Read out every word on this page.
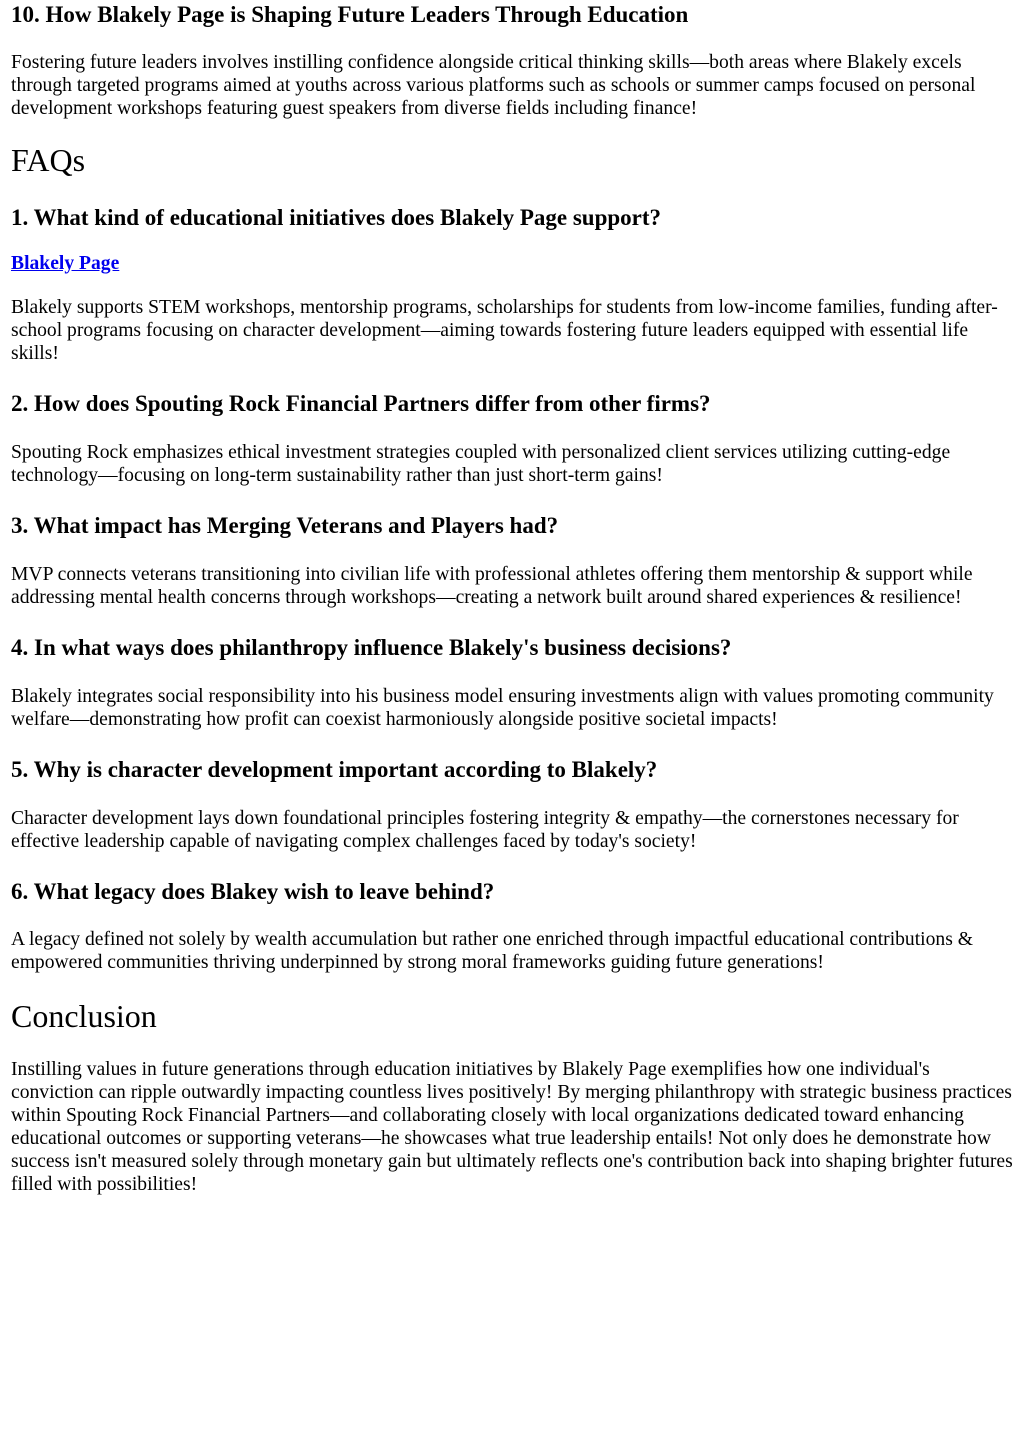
10. How Blakely Page is Shaping Future Leaders Through Education

Fostering future leaders involves instilling confidence alongside critical thinking skills—both areas where Blakely excels through targeted programs aimed at youths across various platforms such as schools or summer camps focused on personal development workshops featuring guest speakers from diverse fields including finance!

FAQs
1. What kind of educational initiatives does Blakely Page support?
Blakely Page

Blakely supports STEM workshops, mentorship programs, scholarships for students from low-income families, funding after-school programs focusing on character development—aiming towards fostering future leaders equipped with essential life skills!

2. How does Spouting Rock Financial Partners differ from other firms?

Spouting Rock emphasizes ethical investment strategies coupled with personalized client services utilizing cutting-edge technology—focusing on long-term sustainability rather than just short-term gains!

3. What impact has Merging Veterans and Players had?

MVP connects veterans transitioning into civilian life with professional athletes offering them mentorship & support while addressing mental health concerns through workshops—creating a network built around shared experiences & resilience!

4. In what ways does philanthropy influence Blakely's business decisions?

Blakely integrates social responsibility into his business model ensuring investments align with values promoting community welfare—demonstrating how profit can coexist harmoniously alongside positive societal impacts!

5. Why is character development important according to Blakely?

Character development lays down foundational principles fostering integrity & empathy—the cornerstones necessary for effective leadership capable of navigating complex challenges faced by today's society!

6. What legacy does Blakey wish to leave behind?

A legacy defined not solely by wealth accumulation but rather one enriched through impactful educational contributions & empowered communities thriving underpinned by strong moral frameworks guiding future generations!

Conclusion

Instilling values in future generations through education initiatives by Blakely Page exemplifies how one individual's conviction can ripple outwardly impacting countless lives positively! By merging philanthropy with strategic business practices within Spouting Rock Financial Partners—and collaborating closely with local organizations dedicated toward enhancing educational outcomes or supporting veterans—he showcases what true leadership entails! Not only does he demonstrate how success isn't measured solely through monetary gain but ultimately reflects one's contribution back into shaping brighter futures filled with possibilities!
